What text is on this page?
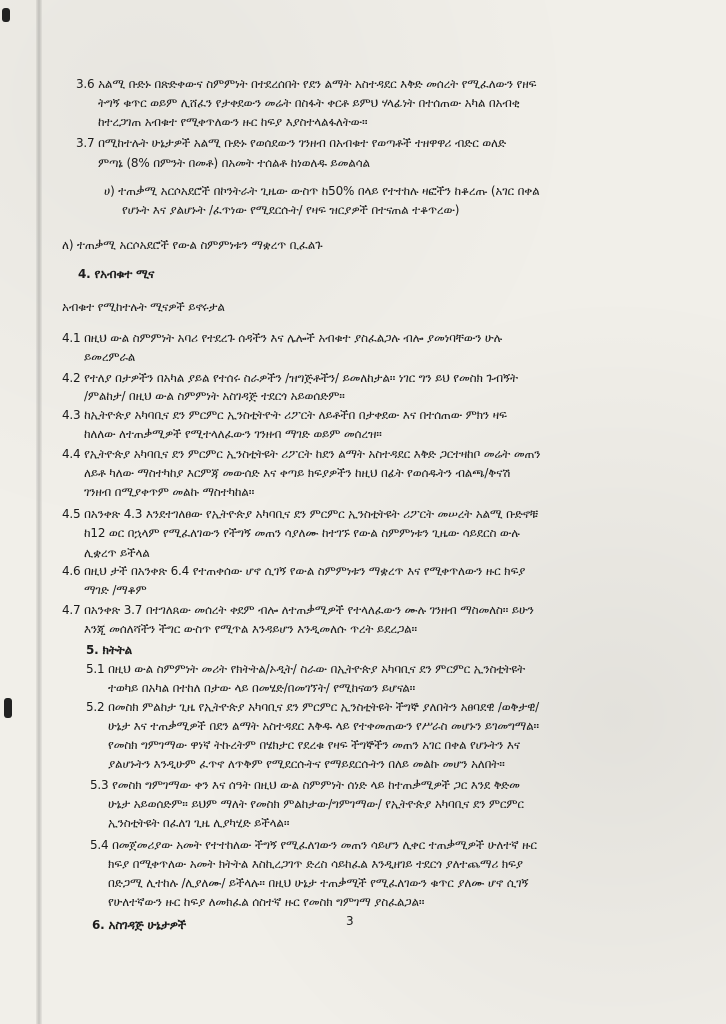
3.6 አልሚ ቡድኑ በጽድቀውና ስምምነት በተደረሰበት የደን ልማት አስተዳደር እቅድ መሰረት የሚፈለውን የዘፍ
ትግኝ ቁጥር ወይም ሊሸፈን የታቀደውን መሬት በስፋት ቀርቶ ይምህ ሃላፊነት በተሰጠው አካል በአብቂ
ከተረጋገጠ አብቁተ የሚቀጥለውን ዙር ከፍያ እያስተላልፋለትው።
3.7 በሚከተሉት ሁኔታዎች አልሚ ቡድኑ የወሰደውን ገንዘብ በአብቁተ የወጣቶች ተዘዋዋሪ ብድር ወለድ
ምጣኔ (8% በምንት በመቶ) በአመት ተሰልቶ ከነወለዱ ይመልሳል
ሀ) ተጠቃሚ አርሶአደሮች በኮንትራት ጊዜው ውስጥ ከ50% በላይ የተተከሉ ዛፎችን ከቆረጡ (አገር በቀል
የሆኑት እና ያልሆኑት /ፈጥነው የሚደርሱት/ የዛፍ ዝርያዎች በተናጠል ተቆጥረው)
ለ) ተጠቃሚ አርሶአደሮች የውል ስምምነቱን ማቋረጥ ቢፈልጉ
4. የአብቁተ ሚና
አብቁተ የሚከተሉት ሚናዎች ይኖሩታል
4.1 በዚህ ውል ስምምነት አባሪ የተደረጉ ሰዳችን እና ሌሎች አብቁተ ያስፈልጋሉ ብሎ ያመነባቸውን ሁሉ
ይመረምራል
4.2 የተለያ በታዎችን በአካል ያይል የተሰሩ ስራዎችን /ዝግጅቶችን/ ይመለከታል። ነገር ግን ይህ የመስክ ጉብኝት
/ምልከታ/ በዚህ ውል ስምምነት አስገዳጅ ተደርጎ አይወሰድም።
4.3 ከኢትዮጵያ አካባቢና ደን ምርምር ኢንስቲትዮት ሪፖርት ለይቶችበ በታቀደው እና በተሰጠው ምክን ዛፍ
ከለለው ለተጠቃሚዎች የሚተላለፈውን ገንዘብ ማገድ ወይም መሰረዝ።
4.4 የኢትዮጵያ አካባቢና ደን ምርምር ኢንስቲትዩት ሪፖርት ከደን ልማት አስተዳደር እቅድ ጋርተዛከቦ መሬት መጠን
ለይቶ ካለው ማስተካከያ እርምጃ መውሰድ እና ቀጣይ ክፍያዎችን ከዚህ በፊት የወሰዱትን ብልጫ/ቅናሽ
ገንዘብ በሚያቀጥም መልኩ ማስተካከል።
4.5 በአንቀጽ 4.3 እንደተገለፀው የኢትዮጵያ አካባቢና ደን ምርምር ኢንስቲትዩት ሪፖርት መሠረት አልሚ ቡድኖቹ
ከ12 ወር በኋላም የሚፈለገውን የችግኝ መጠን ሳያለሙ ከተገኙ የውል ስምምነቱን ጊዜው ሳይደርስ ውሉ
ሊቋረጥ ይችላል
4.6 በዚህ ታች በአንቀጽ 6.4 የተጠቀሰው ሆኖ ሲገኝ የውል ስምምነቱን ማቋረጥ እና የሚቀጥለውን ዙር ክፍያ
ማገድ /ማቆም
4.7 በአንቀጽ 3.7 በተገለጸው መሰረት ቀደም ብሎ ለተጠቃሚዎች የተላለፈውን ሙሉ ገንዘብ ማስመለስ። ይሁን
እንጂ መሰለሻችን ችግር ውስጥ የሚጥል እንዳይሆን እንዲመለሱ ጥረት ይደረጋል።
5. ክትትል
5.1 በዚህ ውል ስምምነት መሪት የክትትል/ኦዲት/ ስራው በኢትዮጵያ አካባቢና ደን ምርምር ኢንስቲትዩት
ተወካይ በአካል በተከለ በታው ላይ በመሄድ/በመገኘት/ የሚከናወን ይሆናል።
5.2 በመስክ ምልከታ ጊዜ የኢትዮጵያ አካባቢና ደን ምርምር ኢንስቲትዩት ችግኞ ያለበትን አፀባደዊ /ወቅታዊ/
ሁኔታ እና ተጠቃሚዎች በደን ልማት አስተዳደር እቅዱ ላይ የተቀመጠውን የሥራስ መሆኑን ይገመግማል።
የመስክ ግምገማው ዋነኛ ትኩረትም በሄክታር የደረቁ የዛፍ ችግኞችን መጠን አገር በቀል የሆኑትን እና
ያልሆኑትን እንዲሁም ፈጥኖ ለጥቅም የሚደርሱትና የማይደርሱትን በለይ መልኩ መሆን አለበት።
5.3 የመስክ ግምገማው ቀን እና ሰዓት በዚህ ውል ስምምነት ሰነድ ላይ ከተጠቃሚዎች ጋር እንደ ቅድመ
ሁኔታ አይወሰድም። ይህም ማለት የመስክ ምልከታው/ግምገማው/ የኢትዮጵያ አካባቢና ደን ምርምር
ኢንስቲትዩት በፈለገ ጊዜ ሊያካሂድ ይችላል።
5.4 በመጀመሪያው አመት የተተከለው ችግኝ የሚፈለገውን መጠን ሳይሆን ሊቀር ተጠቃሚዎች ሁለተኛ ዙር
ክፍያ በሚቀጥለው አመት ክትትል እስኪረጋገጥ ድረስ ሳይከፈል እንዲዘገይ ተደርጎ ያለተጨማሪ ክፍያ
በድጋሚ ሊተከሉ /ሊያለሙ/ ይችላሉ። በዚህ ሁኔታ ተጠቃሚች የሚፈለገውን ቁጥር ያለሙ ሆኖ ሲገኝ
የሁለተኛውን ዙር ከፍያ ለመክፈል ሰስተኛ ዙር የመስክ ግምገማ ያስፈልጋል።
6. አስገዳጅ ሁኔታዎች	3
